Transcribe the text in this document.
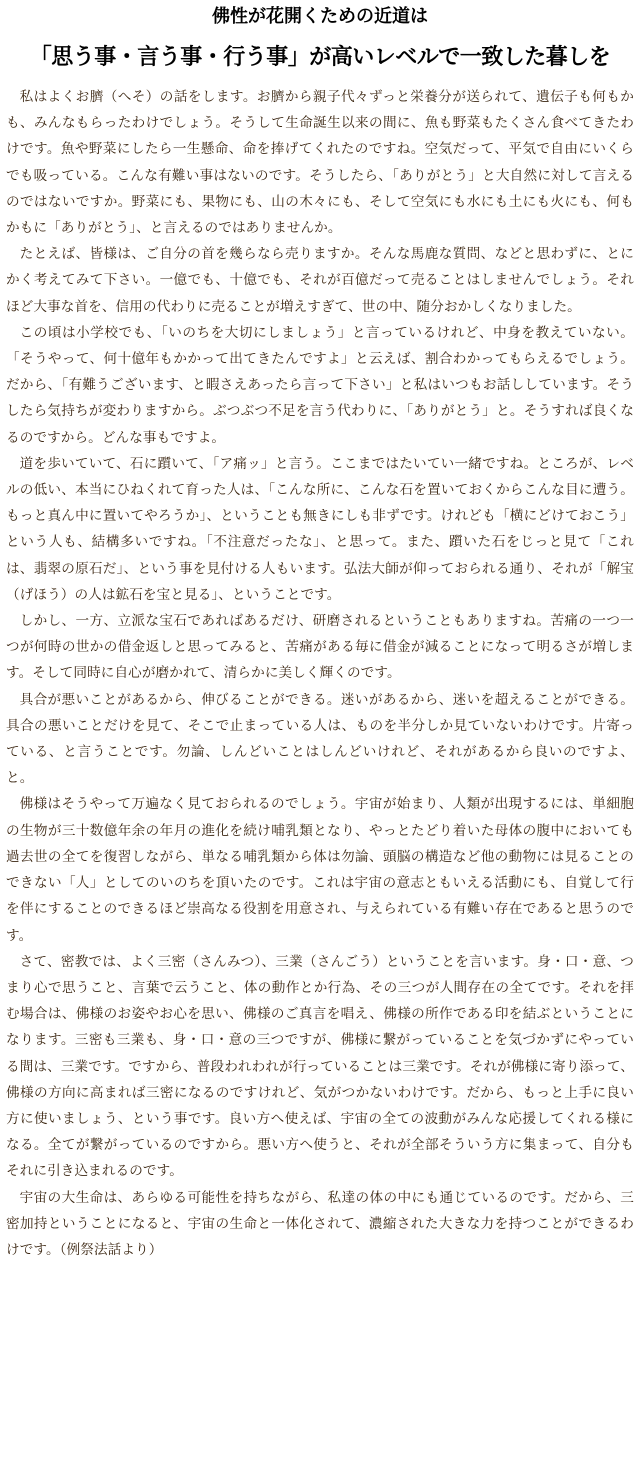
佛性が花開くための近道は
「思う事・言う事・行う事」が高いレベルで一致した暮しを

私はよくお臍（へそ）の話をします。お臍から親子代々ずっと栄養分が送られて、遺伝子も何もかも、みんなもらったわけでしょう。そうして生命誕生以来の間に、魚も野菜もたくさん食べてきたわけです。魚や野菜にしたら一生懸命、命を捧げてくれたのですね。空気だって、平気で自由にいくらでも吸っている。こんな有難い事はないのです。そうしたら、「ありがとう」と大自然に対して言えるのではないですか。野菜にも、果物にも、山の木々にも、そして空気にも水にも土にも火にも、何もかもに「ありがとう」、と言えるのではありませんか。

たとえば、皆様は、ご自分の首を幾らなら売りますか。そんな馬鹿な質問、などと思わずに、とにかく考えてみて下さい。一億でも、十億でも、それが百億だって売ることはしませんでしょう。それほど大事な首を、信用の代わりに売ることが増えすぎて、世の中、随分おかしくなりました。

この頃は小学校でも、「いのちを大切にしましょう」と言っているけれど、中身を教えていない。「そうやって、何十億年もかかって出てきたんですよ」と云えば、割合わかってもらえるでしょう。だから、「有難うございます、と暇さえあったら言って下さい」と私はいつもお話ししています。そうしたら気持ちが変わりますから。ぶつぶつ不足を言う代わりに、「ありがとう」と。そうすれば良くなるのですから。どんな事もですよ。

道を歩いていて、石に躓いて、「ア痛ッ」と言う。ここまではたいてい一緒ですね。ところが、レベルの低い、本当にひねくれて育った人は、「こんな所に、こんな石を置いておくからこんな目に遭う。もっと真ん中に置いてやろうか」、ということも無きにしも非ずです。けれども「横にどけておこう」という人も、結構多いですね。「不注意だったな」、と思って。また、躓いた石をじっと見て「これは、翡翠の原石だ」、という事を見付ける人もいます。弘法大師が仰っておられる通り、それが「解宝（げほう）の人は鉱石を宝と見る」、ということです。

しかし、一方、立派な宝石であればあるだけ、研磨されるということもありますね。苦痛の一つ一つが何時の世かの借金返しと思ってみると、苦痛がある毎に借金が減ることになって明るさが増します。そして同時に自心が磨かれて、清らかに美しく輝くのです。

具合が悪いことがあるから、伸びることができる。迷いがあるから、迷いを超えることができる。具合の悪いことだけを見て、そこで止まっている人は、ものを半分しか見ていないわけです。片寄っている、と言うことです。勿論、しんどいことはしんどいけれど、それがあるから良いのですよ、と。

佛様はそうやって万遍なく見ておられるのでしょう。宇宙が始まり、人類が出現するには、単細胞の生物が三十数億年余の年月の進化を続け哺乳類となり、やっとたどり着いた母体の腹中においても過去世の全てを復習しながら、単なる哺乳類から体は勿論、頭脳の構造など他の動物には見ることのできない「人」としてのいのちを頂いたのです。これは宇宙の意志ともいえる活動にも、自覚して行を伴にすることのできるほど崇高なる役割を用意され、与えられている有難い存在であると思うのです。

さて、密教では、よく三密（さんみつ）、三業（さんごう）ということを言います。身・口・意、つまり心で思うこと、言葉で云うこと、体の動作とか行為、その三つが人間存在の全てです。それを拝む場合は、佛様のお姿やお心を思い、佛様のご真言を唱え、佛様の所作である印を結ぶということになります。三密も三業も、身・口・意の三つですが、佛様に繋がっていることを気づかずにやっている間は、三業です。ですから、普段われわれが行っていることは三業です。それが佛様に寄り添って、佛様の方向に高まれば三密になるのですけれど、気がつかないわけです。だから、もっと上手に良い方に使いましょう、という事です。良い方へ使えば、宇宙の全ての波動がみんな応援してくれる様になる。全てが繋がっているのですから。悪い方へ使うと、それが全部そういう方に集まって、自分もそれに引き込まれるのです。

宇宙の大生命は、あらゆる可能性を持ちながら、私達の体の中にも通じているのです。だから、三密加持ということになると、宇宙の生命と一体化されて、濃縮された大きな力を持つことができるわけです。（例祭法話より）
